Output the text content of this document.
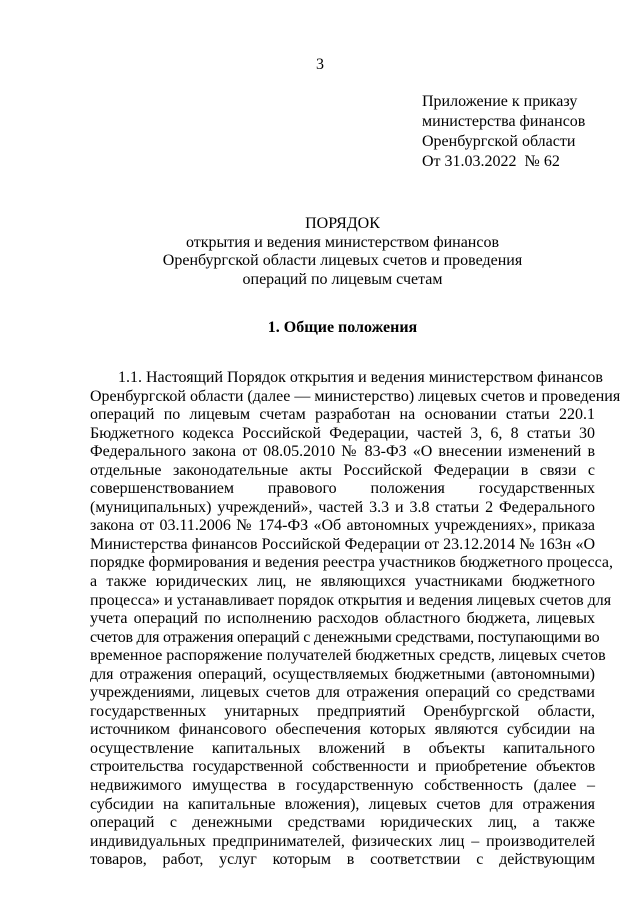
3
Приложение к приказу
министерства финансов
Оренбургской области
От 31.03.2022  № 62
ПОРЯДОК
открытия и ведения министерством финансов
Оренбургской области лицевых счетов и проведения
операций по лицевым счетам
1. Общие положения
1.1. Настоящий Порядок открытия и ведения министерством финансов
Оренбургской области (далее — министерство) лицевых счетов и проведения
операций по лицевым счетам разработан на основании статьи 220.1
Бюджетного кодекса Российской Федерации, частей 3, 6, 8 статьи 30
Федерального закона от 08.05.2010 № 83-ФЗ «О внесении изменений в
отдельные законодательные акты Российской Федерации в связи с
совершенствованием правового положения государственных
(муниципальных) учреждений», частей 3.3 и 3.8 статьи 2 Федерального
закона от 03.11.2006 № 174-ФЗ «Об автономных учреждениях», приказа
Министерства финансов Российской Федерации от 23.12.2014 № 163н «О
порядке формирования и ведения реестра участников бюджетного процесса,
а также юридических лиц, не являющихся участниками бюджетного
процесса» и устанавливает порядок открытия и ведения лицевых счетов для
учета операций по исполнению расходов областного бюджета, лицевых
счетов для отражения операций с денежными средствами, поступающими во
временное распоряжение получателей бюджетных средств, лицевых счетов
для отражения операций, осуществляемых бюджетными (автономными)
учреждениями, лицевых счетов для отражения операций со средствами
государственных унитарных предприятий Оренбургской области,
источником финансового обеспечения которых являются субсидии на
осуществление капитальных вложений в объекты капитального
строительства государственной собственности и приобретение объектов
недвижимого имущества в государственную собственность (далее –
субсидии на капитальные вложения), лицевых счетов для отражения
операций с денежными средствами юридических лиц, а также
индивидуальных предпринимателей, физических лиц – производителей
товаров, работ, услуг которым в соответствии с действующим
